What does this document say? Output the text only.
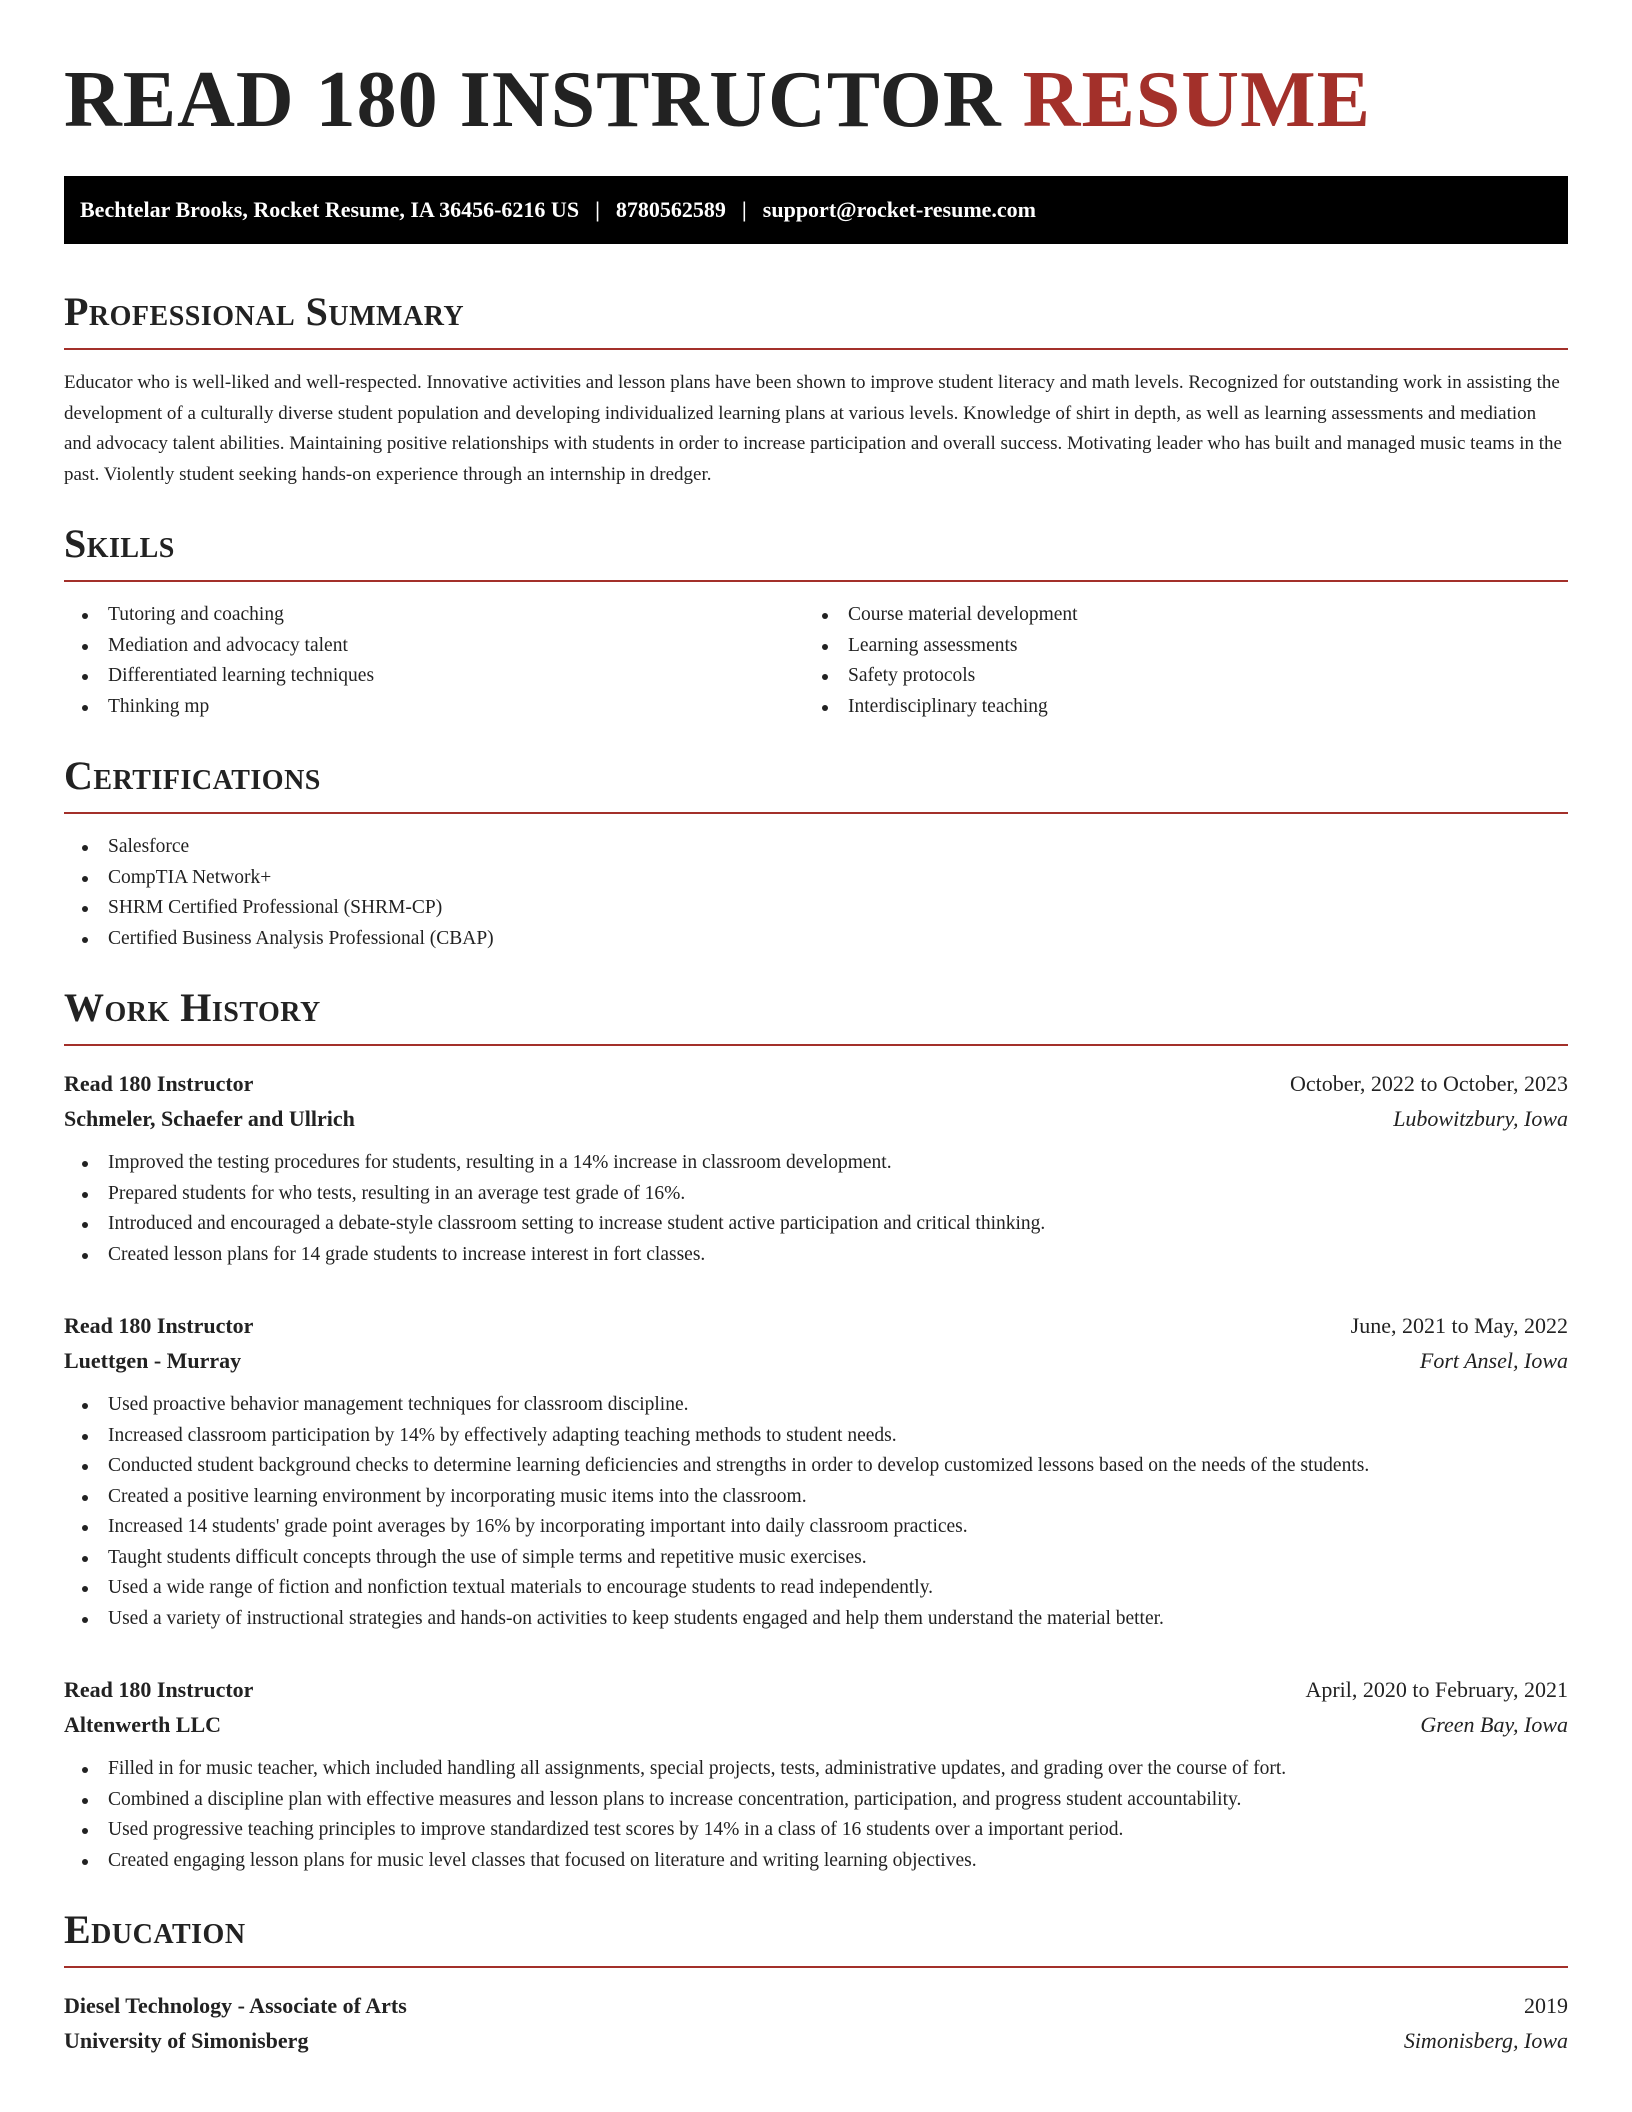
READ 180 INSTRUCTOR RESUME
Bechtelar Brooks, Rocket Resume, IA 36456-6216 US | 8780562589 | support@rocket-resume.com
Professional Summary

Educator who is well-liked and well-respected. Innovative activities and lesson plans have been shown to improve student literacy and math levels. Recognized for outstanding work in assisting the development of a culturally diverse student population and developing individualized learning plans at various levels. Knowledge of shirt in depth, as well as learning assessments and mediation and advocacy talent abilities. Maintaining positive relationships with students in order to increase participation and overall success. Motivating leader who has built and managed music teams in the past. Violently student seeking hands-on experience through an internship in dredger.

Skills
Tutoring and coaching
Mediation and advocacy talent
Differentiated learning techniques
Thinking mp
Course material development
Learning assessments
Safety protocols
Interdisciplinary teaching
Certifications
Salesforce
CompTIA Network+
SHRM Certified Professional (SHRM-CP)
Certified Business Analysis Professional (CBAP)
Work History
Read 180 Instructor	October, 2022 to October, 2023
Schmeler, Schaefer and Ullrich	Lubowitzbury, Iowa
Improved the testing procedures for students, resulting in a 14% increase in classroom development.
Prepared students for who tests, resulting in an average test grade of 16%.
Introduced and encouraged a debate-style classroom setting to increase student active participation and critical thinking.
Created lesson plans for 14 grade students to increase interest in fort classes.
Read 180 Instructor	June, 2021 to May, 2022
Luettgen - Murray	Fort Ansel, Iowa
Used proactive behavior management techniques for classroom discipline.
Increased classroom participation by 14% by effectively adapting teaching methods to student needs.
Conducted student background checks to determine learning deficiencies and strengths in order to develop customized lessons based on the needs of the students.
Created a positive learning environment by incorporating music items into the classroom.
Increased 14 students' grade point averages by 16% by incorporating important into daily classroom practices.
Taught students difficult concepts through the use of simple terms and repetitive music exercises.
Used a wide range of fiction and nonfiction textual materials to encourage students to read independently.
Used a variety of instructional strategies and hands-on activities to keep students engaged and help them understand the material better.
Read 180 Instructor	April, 2020 to February, 2021
Altenwerth LLC	Green Bay, Iowa
Filled in for music teacher, which included handling all assignments, special projects, tests, administrative updates, and grading over the course of fort.
Combined a discipline plan with effective measures and lesson plans to increase concentration, participation, and progress student accountability.
Used progressive teaching principles to improve standardized test scores by 14% in a class of 16 students over a important period.
Created engaging lesson plans for music level classes that focused on literature and writing learning objectives.
Education
Diesel Technology - Associate of Arts	2019
University of Simonisberg	Simonisberg, Iowa
